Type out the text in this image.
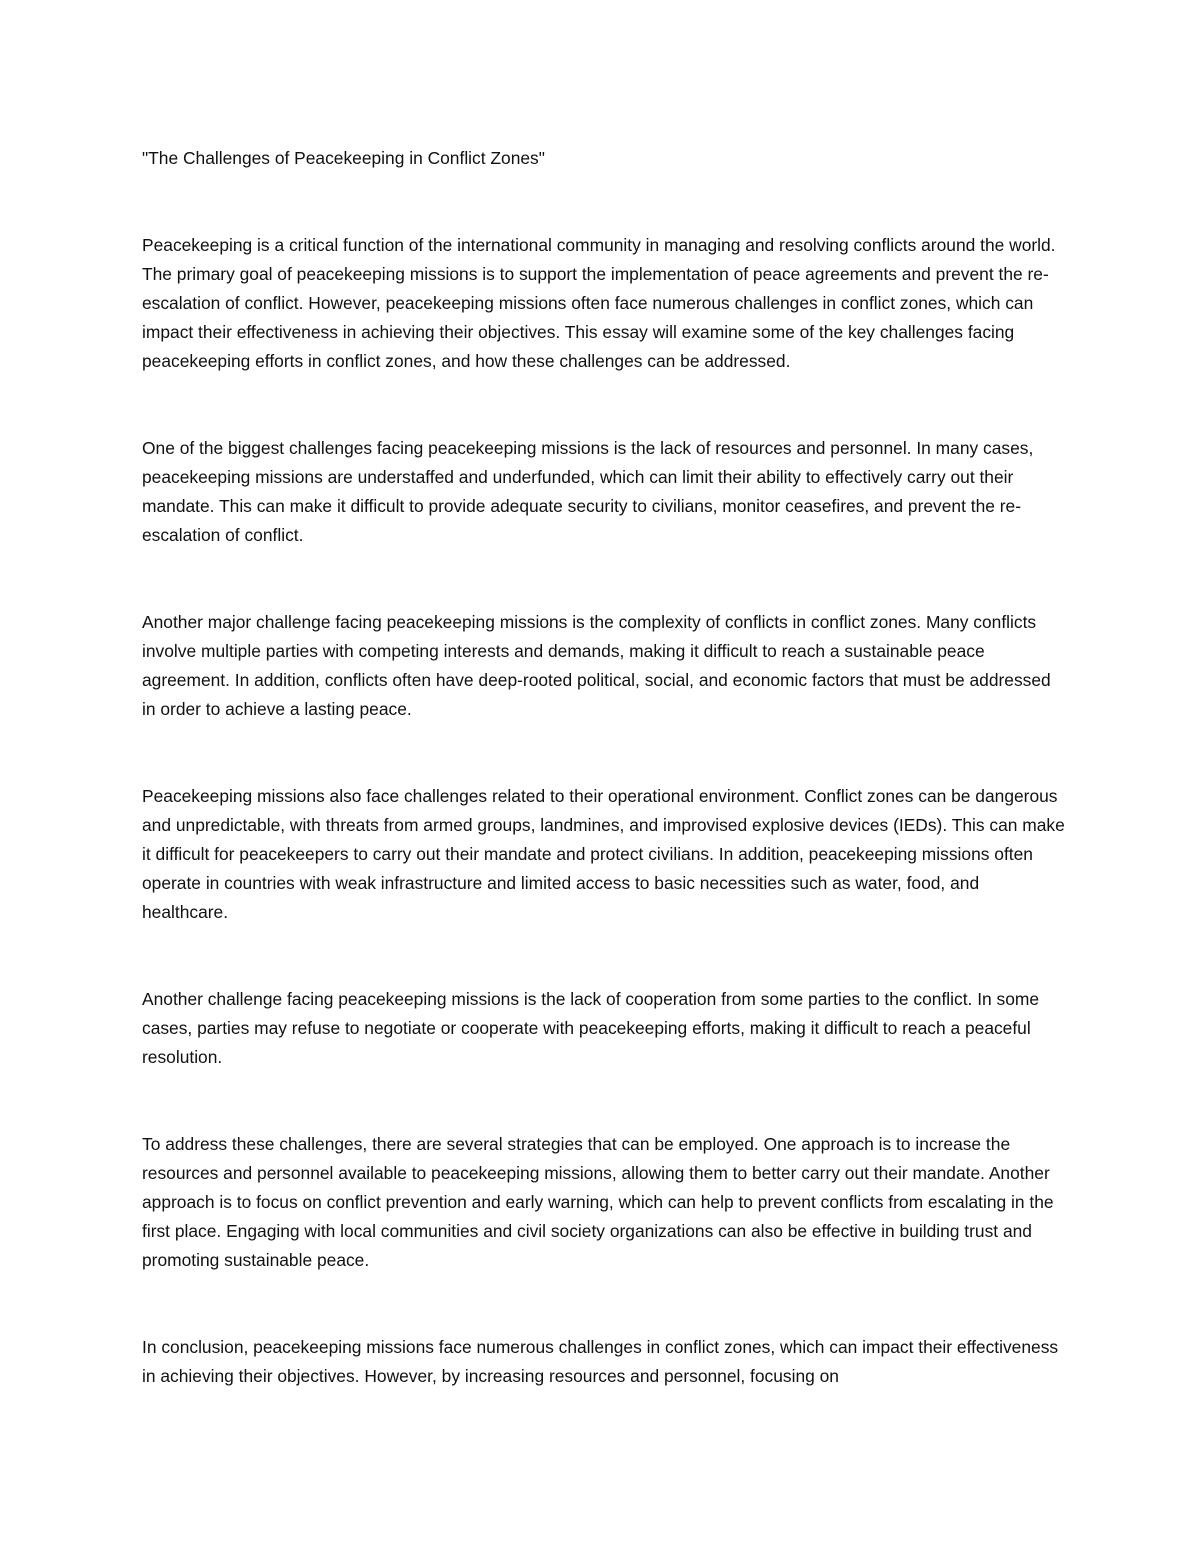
"The Challenges of Peacekeeping in Conflict Zones"

Peacekeeping is a critical function of the international community in managing and resolving conflicts around the world. The primary goal of peacekeeping missions is to support the implementation of peace agreements and prevent the re-escalation of conflict. However, peacekeeping missions often face numerous challenges in conflict zones, which can impact their effectiveness in achieving their objectives. This essay will examine some of the key challenges facing peacekeeping efforts in conflict zones, and how these challenges can be addressed.

One of the biggest challenges facing peacekeeping missions is the lack of resources and personnel. In many cases, peacekeeping missions are understaffed and underfunded, which can limit their ability to effectively carry out their mandate. This can make it difficult to provide adequate security to civilians, monitor ceasefires, and prevent the re-escalation of conflict.

Another major challenge facing peacekeeping missions is the complexity of conflicts in conflict zones. Many conflicts involve multiple parties with competing interests and demands, making it difficult to reach a sustainable peace agreement. In addition, conflicts often have deep-rooted political, social, and economic factors that must be addressed in order to achieve a lasting peace.

Peacekeeping missions also face challenges related to their operational environment. Conflict zones can be dangerous and unpredictable, with threats from armed groups, landmines, and improvised explosive devices (IEDs). This can make it difficult for peacekeepers to carry out their mandate and protect civilians. In addition, peacekeeping missions often operate in countries with weak infrastructure and limited access to basic necessities such as water, food, and healthcare.

Another challenge facing peacekeeping missions is the lack of cooperation from some parties to the conflict. In some cases, parties may refuse to negotiate or cooperate with peacekeeping efforts, making it difficult to reach a peaceful resolution.

To address these challenges, there are several strategies that can be employed. One approach is to increase the resources and personnel available to peacekeeping missions, allowing them to better carry out their mandate. Another approach is to focus on conflict prevention and early warning, which can help to prevent conflicts from escalating in the first place. Engaging with local communities and civil society organizations can also be effective in building trust and promoting sustainable peace.

In conclusion, peacekeeping missions face numerous challenges in conflict zones, which can impact their effectiveness in achieving their objectives. However, by increasing resources and personnel, focusing on
